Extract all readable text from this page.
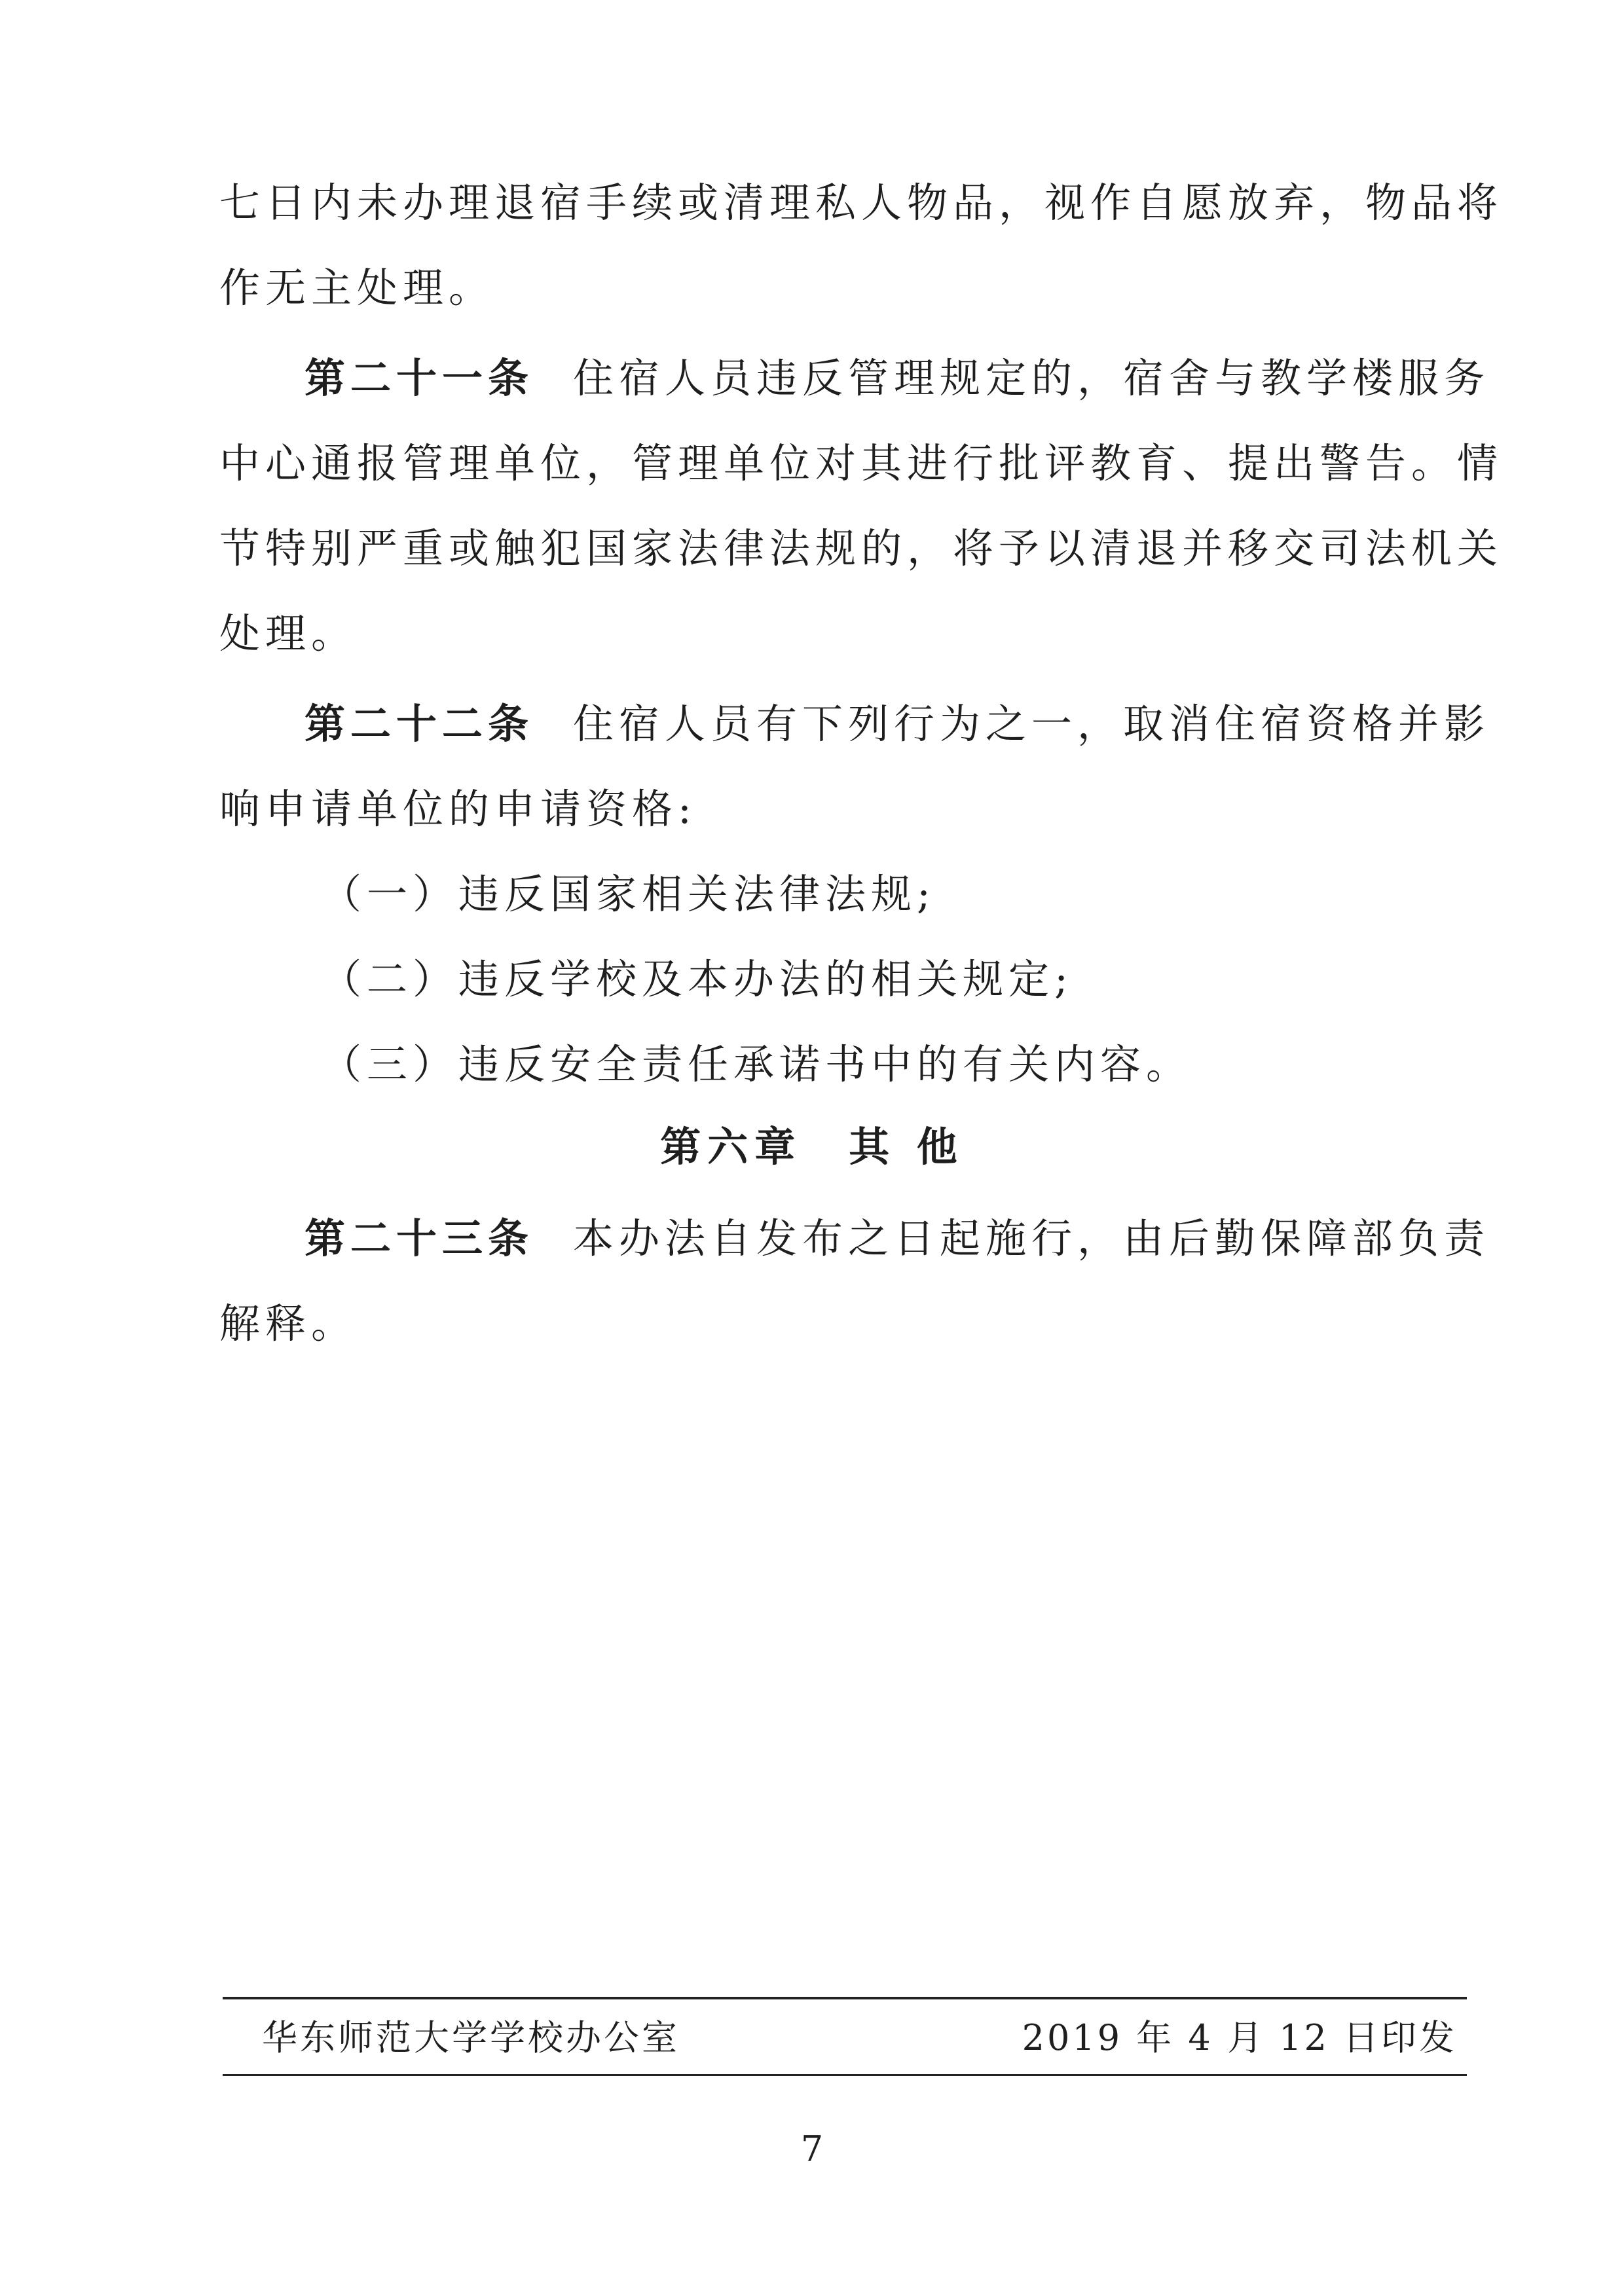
七日内未办理退宿手续或清理私人物品，视作自愿放弃，物品将
作无主处理。
第二十一条 住宿人员违反管理规定的，宿舍与教学楼服务
中心通报管理单位，管理单位对其进行批评教育、提出警告。情
节特别严重或触犯国家法律法规的，将予以清退并移交司法机关
处理。
第二十二条 住宿人员有下列行为之一，取消住宿资格并影
响申请单位的申请资格:
（一）违反国家相关法律法规;
（二）违反学校及本办法的相关规定;
（三）违反安全责任承诺书中的有关内容。
第六章　其 他
第二十三条 本办法自发布之日起施行，由后勤保障部负责
解释。
华东师范大学学校办公室	2019 年 4 月 12 日印发
7
